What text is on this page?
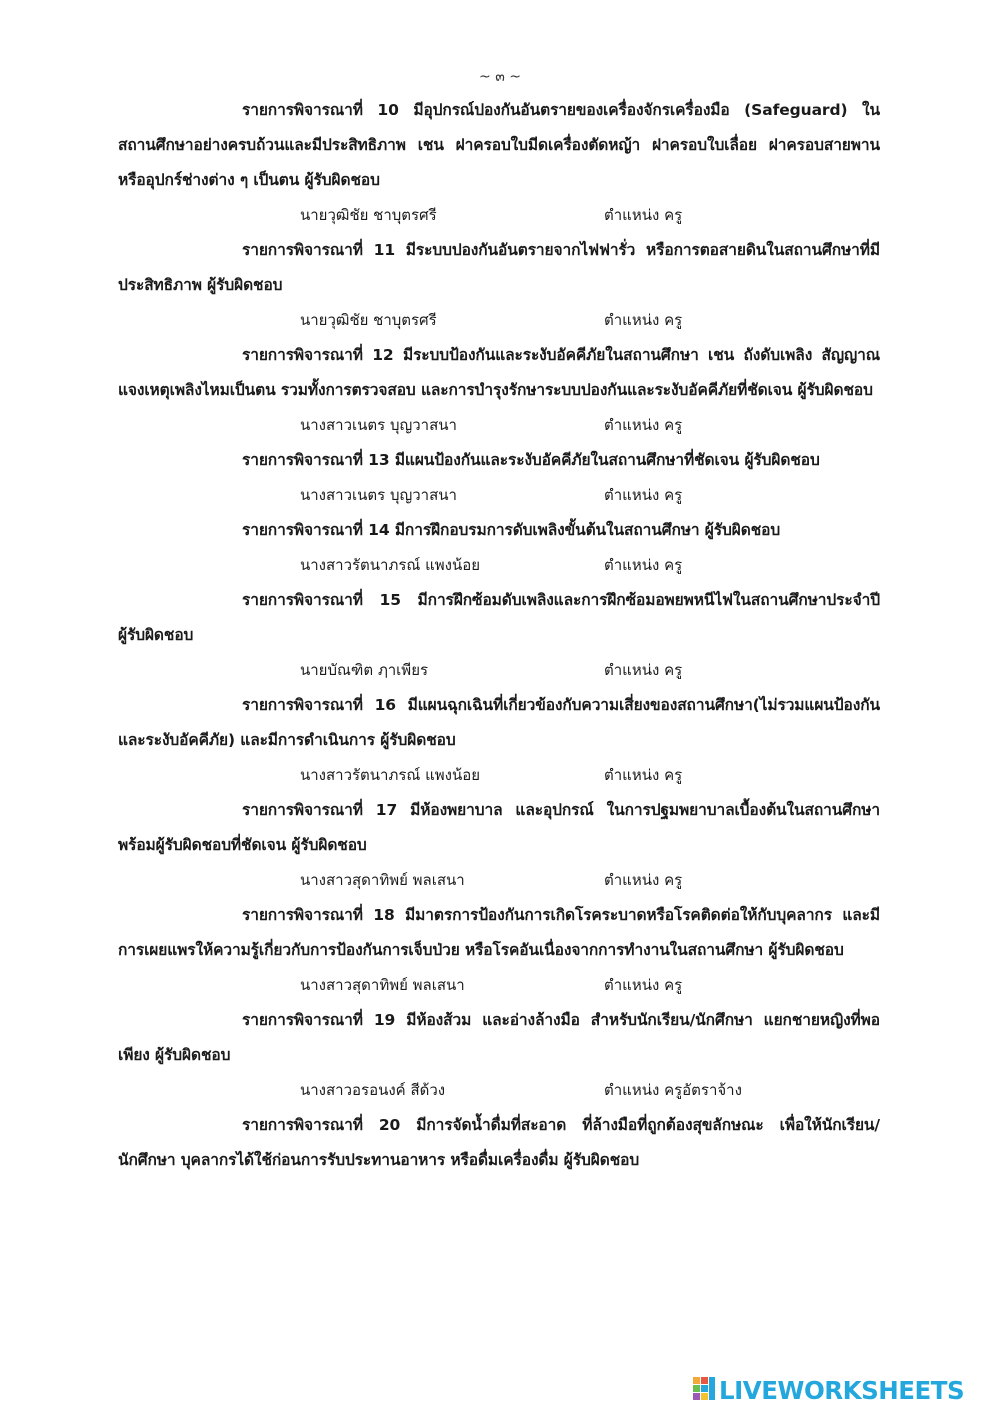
~ ๓ ~

รายการพิจารณาที่ 10 มีอุปกรณ์ปองกันอันตรายของเครื่องจักรเครื่องมือ (Safeguard) ในสถานศึกษาอย่างครบถ้วนและมีประสิทธิภาพ เชน ฝาครอบใบมีดเครื่องตัดหญ้า ฝาครอบใบเลื่อย ฝาครอบสายพานหรืออุปกร์ช่างต่าง ๆ เป็นตน ผู้รับผิดชอบ

นายวุฒิชัย ชาบุตรศรี	ตำแหน่ง ครู

รายการพิจารณาที่ 11 มีระบบปองกันอันตรายจากไฟฟารั่ว หรือการตอสายดินในสถานศึกษาที่มีประสิทธิภาพ ผู้รับผิดชอบ

นายวุฒิชัย ชาบุตรศรี	ตำแหน่ง ครู

รายการพิจารณาที่ 12 มีระบบป้องกันและระงับอัคคีภัยในสถานศึกษา เชน ถังดับเพลิง สัญญาณแจงเหตุเพลิงไหมเป็นตน รวมทั้งการตรวจสอบ และการบำรุงรักษาระบบปองกันและระงับอัคคีภัยที่ชัดเจน ผู้รับผิดชอบ

นางสาวเนตร บุญวาสนา	ตำแหน่ง ครู

รายการพิจารณาที่ 13 มีแผนป้องกันและระงับอัคคีภัยในสถานศึกษาที่ชัดเจน ผู้รับผิดชอบ

นางสาวเนตร บุญวาสนา	ตำแหน่ง ครู

รายการพิจารณาที่ 14 มีการฝึกอบรมการดับเพลิงขั้นต้นในสถานศึกษา ผู้รับผิดชอบ

นางสาวรัตนาภรณ์ แพงน้อย	ตำแหน่ง ครู

รายการพิจารณาที่ 15 มีการฝึกซ้อมดับเพลิงและการฝึกซ้อมอพยพหนีไฟในสถานศึกษาประจำปี ผู้รับผิดชอบ

นายบัณฑิต ฦาเพียร	ตำแหน่ง ครู

รายการพิจารณาที่ 16 มีแผนฉุกเฉินที่เกี่ยวข้องกับความเสี่ยงของสถานศึกษา(ไม่รวมแผนป้องกันและระงับอัคคีภัย) และมีการดำเนินการ ผู้รับผิดชอบ

นางสาวรัตนาภรณ์ แพงน้อย	ตำแหน่ง ครู

รายการพิจารณาที่ 17 มีห้องพยาบาล และอุปกรณ์ ในการปฐมพยาบาลเบื้องต้นในสถานศึกษา พร้อมผู้รับผิดชอบที่ชัดเจน ผู้รับผิดชอบ

นางสาวสุดาทิพย์ พลเสนา	ตำแหน่ง ครู

รายการพิจารณาที่ 18 มีมาตรการป้องกันการเกิดโรคระบาดหรือโรคติดต่อให้กับบุคลากร และมีการเผยแพรให้ความรู้เกี่ยวกับการป้องกันการเจ็บป่วย หรือโรคอันเนื่องจากการทำงานในสถานศึกษา ผู้รับผิดชอบ

นางสาวสุดาทิพย์ พลเสนา	ตำแหน่ง ครู

รายการพิจารณาที่ 19 มีห้องส้วม และอ่างล้างมือ สำหรับนักเรียน/นักศึกษา แยกชายหญิงที่พอเพียง ผู้รับผิดชอบ

นางสาวอรอนงค์ สีด้วง	ตำแหน่ง ครูอัตราจ้าง

รายการพิจารณาที่ 20 มีการจัดน้ำดื่มที่สะอาด ที่ล้างมือที่ถูกต้องสุขลักษณะ เพื่อให้นักเรียน/นักศึกษา บุคลากรได้ใช้ก่อนการรับประทานอาหาร หรือดื่มเครื่องดื่ม ผู้รับผิดชอบ

LIVEWORKSHEETS
